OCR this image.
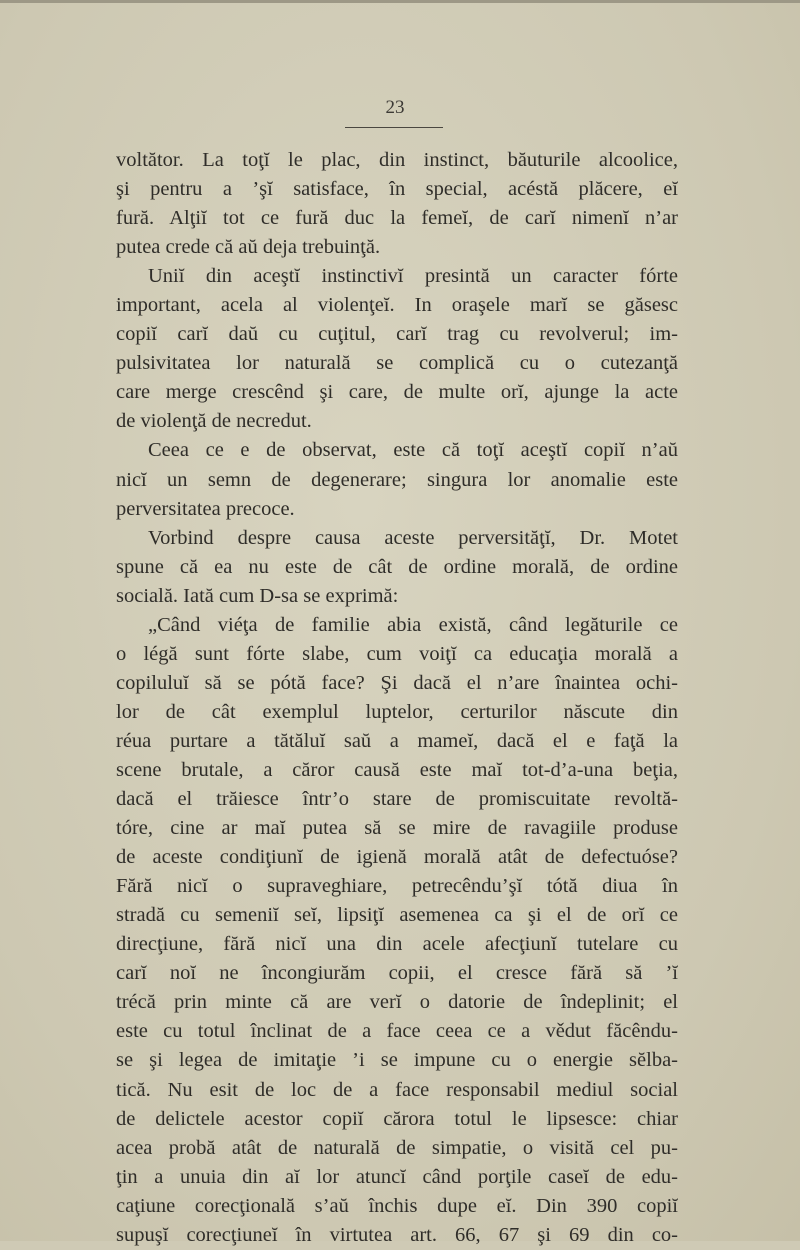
23
voltător. La toţĭ le plac, din instinct, băuturile alcoolice,
şi pentru a ’şĭ satisface, în special, acéstă plăcere, eĭ
fură. Alţiĭ tot ce fură duc la femeĭ, de carĭ nimenĭ n’ar
putea crede că aŭ deja trebuinţă.
Uniĭ din aceştĭ instinctivĭ presintă un caracter fórte
important, acela al violenţeĭ. In oraşele marĭ se găsesc
copiĭ carĭ daŭ cu cuţitul, carĭ trag cu revolverul; im-
pulsivitatea lor naturală se complică cu o cutezanţă
care merge crescênd şi care, de multe orĭ, ajunge la acte
de violenţă de necredut.
Ceea ce e de observat, este că toţĭ aceştĭ copiĭ n’aŭ
nicĭ un semn de degenerare; singura lor anomalie este
perversitatea precoce.
Vorbind despre causa aceste perversităţĭ, Dr. Motet
spune că ea nu este de cât de ordine morală, de ordine
socială. Iată cum D-sa se exprimă:
„Când viéţa de familie abia există, când legăturile ce
o légă sunt fórte slabe, cum voiţĭ ca educaţia morală a
copiluluĭ să se pótă face? Şi dacă el n’are înaintea ochi-
lor de cât exemplul luptelor, certurilor născute din
réua purtare a tătăluĭ saŭ a mameĭ, dacă el e faţă la
scene brutale, a căror causă este maĭ tot-d’a-una beţia,
dacă el trăiesce într’o stare de promiscuitate revoltă-
tóre, cine ar maĭ putea să se mire de ravagiile produse
de aceste condiţiunĭ de igienă morală atât de defectuóse?
Fără nicĭ o supraveghiare, petrecêndu’şĭ tótă diua în
stradă cu semeniĭ seĭ, lipsiţĭ asemenea ca şi el de orĭ ce
direcţiune, fără nicĭ una din acele afecţiunĭ tutelare cu
carĭ noĭ ne încongiurăm copii, el cresce fără să ’ĭ
trécă prin minte că are verĭ o datorie de îndeplinit; el
este cu totul înclinat de a face ceea ce a vědut făcêndu-
se şi legea de imitaţie ’i se impune cu o energie sĕlba-
tică. Nu esit de loc de a face responsabil mediul social
de delictele acestor copiĭ cărora totul le lipsesce: chiar
acea probă atât de naturală de simpatie, o visită cel pu-
ţin a unuia din aĭ lor atuncĭ când porţile caseĭ de edu-
caţiune corecţională s’aŭ închis dupe eĭ. Din 390 copiĭ
supuşĭ corecţiuneĭ în virtutea art. 66, 67 şi 69 din co-
